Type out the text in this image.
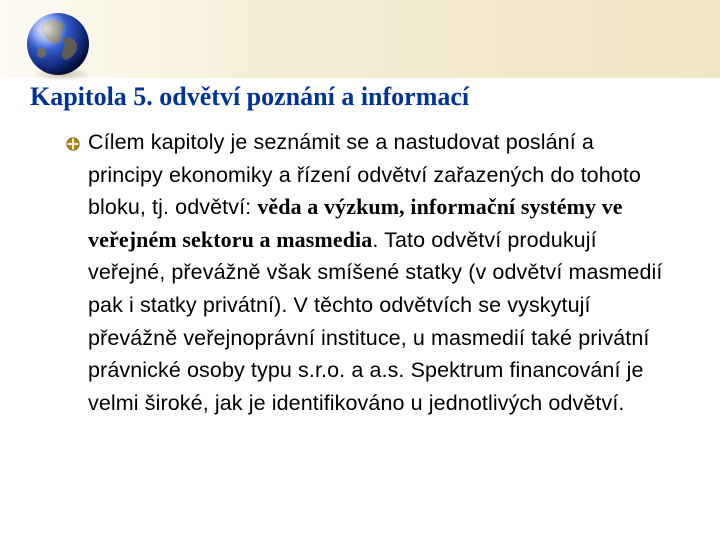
Kapitola 5. odvětví poznání a informací

Cílem kapitoly je seznámit se a nastudovat poslání a principy ekonomiky a řízení odvětví zařazených do tohoto bloku, tj. odvětví: věda a výzkum, informační systémy ve veřejném sektoru a masmedia. Tato odvětví produkují veřejné, převážně však smíšené statky (v odvětví masmedií pak i statky privátní). V těchto odvětvích se vyskytují převážně veřejnoprávní instituce, u masmedií také privátní právnické osoby typu s.r.o. a a.s. Spektrum financování je velmi široké, jak je identifikováno u jednotlivých odvětví.
